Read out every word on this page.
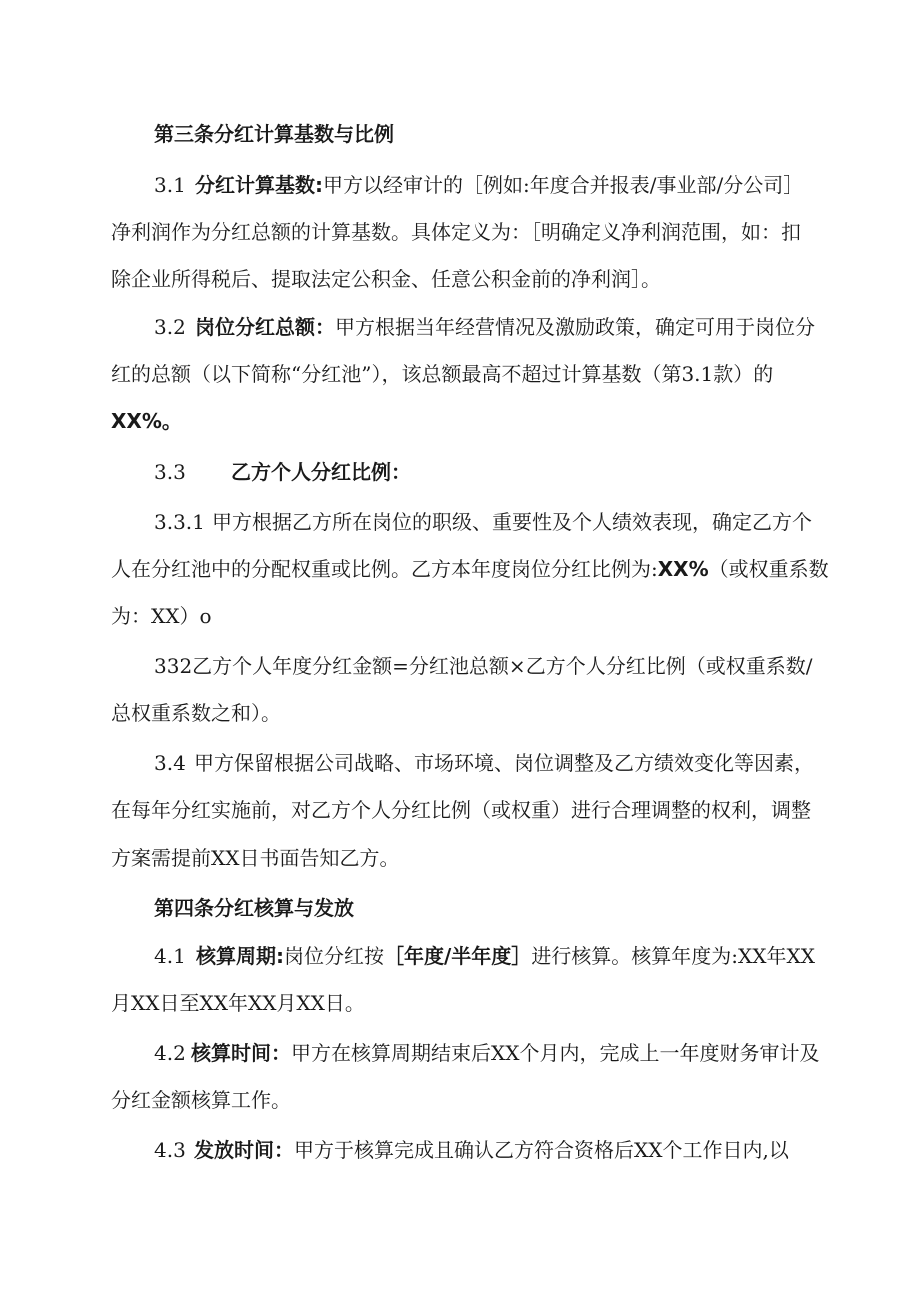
第三条分红计算基数与比例
3.1 分红计算基数:甲方以经审计的［例如:年度合并报表/事业部/分公司］
净利润作为分红总额的计算基数。具体定义为：［明确定义净利润范围，如：扣
除企业所得税后、提取法定公积金、任意公积金前的净利润］。
3.2 岗位分红总额：甲方根据当年经营情况及激励政策，确定可用于岗位分
红的总额（以下简称“分红池”），该总额最高不超过计算基数（第3.1款）的
XX%。
3.3 乙方个人分红比例：
3.3.1 甲方根据乙方所在岗位的职级、重要性及个人绩效表现，确定乙方个
人在分红池中的分配权重或比例。乙方本年度岗位分红比例为:XX%（或权重系数
为：XX）o
332乙方个人年度分红金额=分红池总额×乙方个人分红比例（或权重系数/
总权重系数之和）。
3.4 甲方保留根据公司战略、市场环境、岗位调整及乙方绩效变化等因素，
在每年分红实施前，对乙方个人分红比例（或权重）进行合理调整的权利，调整
方案需提前XX日书面告知乙方。
第四条分红核算与发放
4.1 核算周期:岗位分红按［年度/半年度］进行核算。核算年度为:XX年XX
月XX日至XX年XX月XX日。
4.2 核算时间：甲方在核算周期结束后XX个月内，完成上一年度财务审计及
分红金额核算工作。
4.3 发放时间：甲方于核算完成且确认乙方符合资格后XX个工作日内,以
